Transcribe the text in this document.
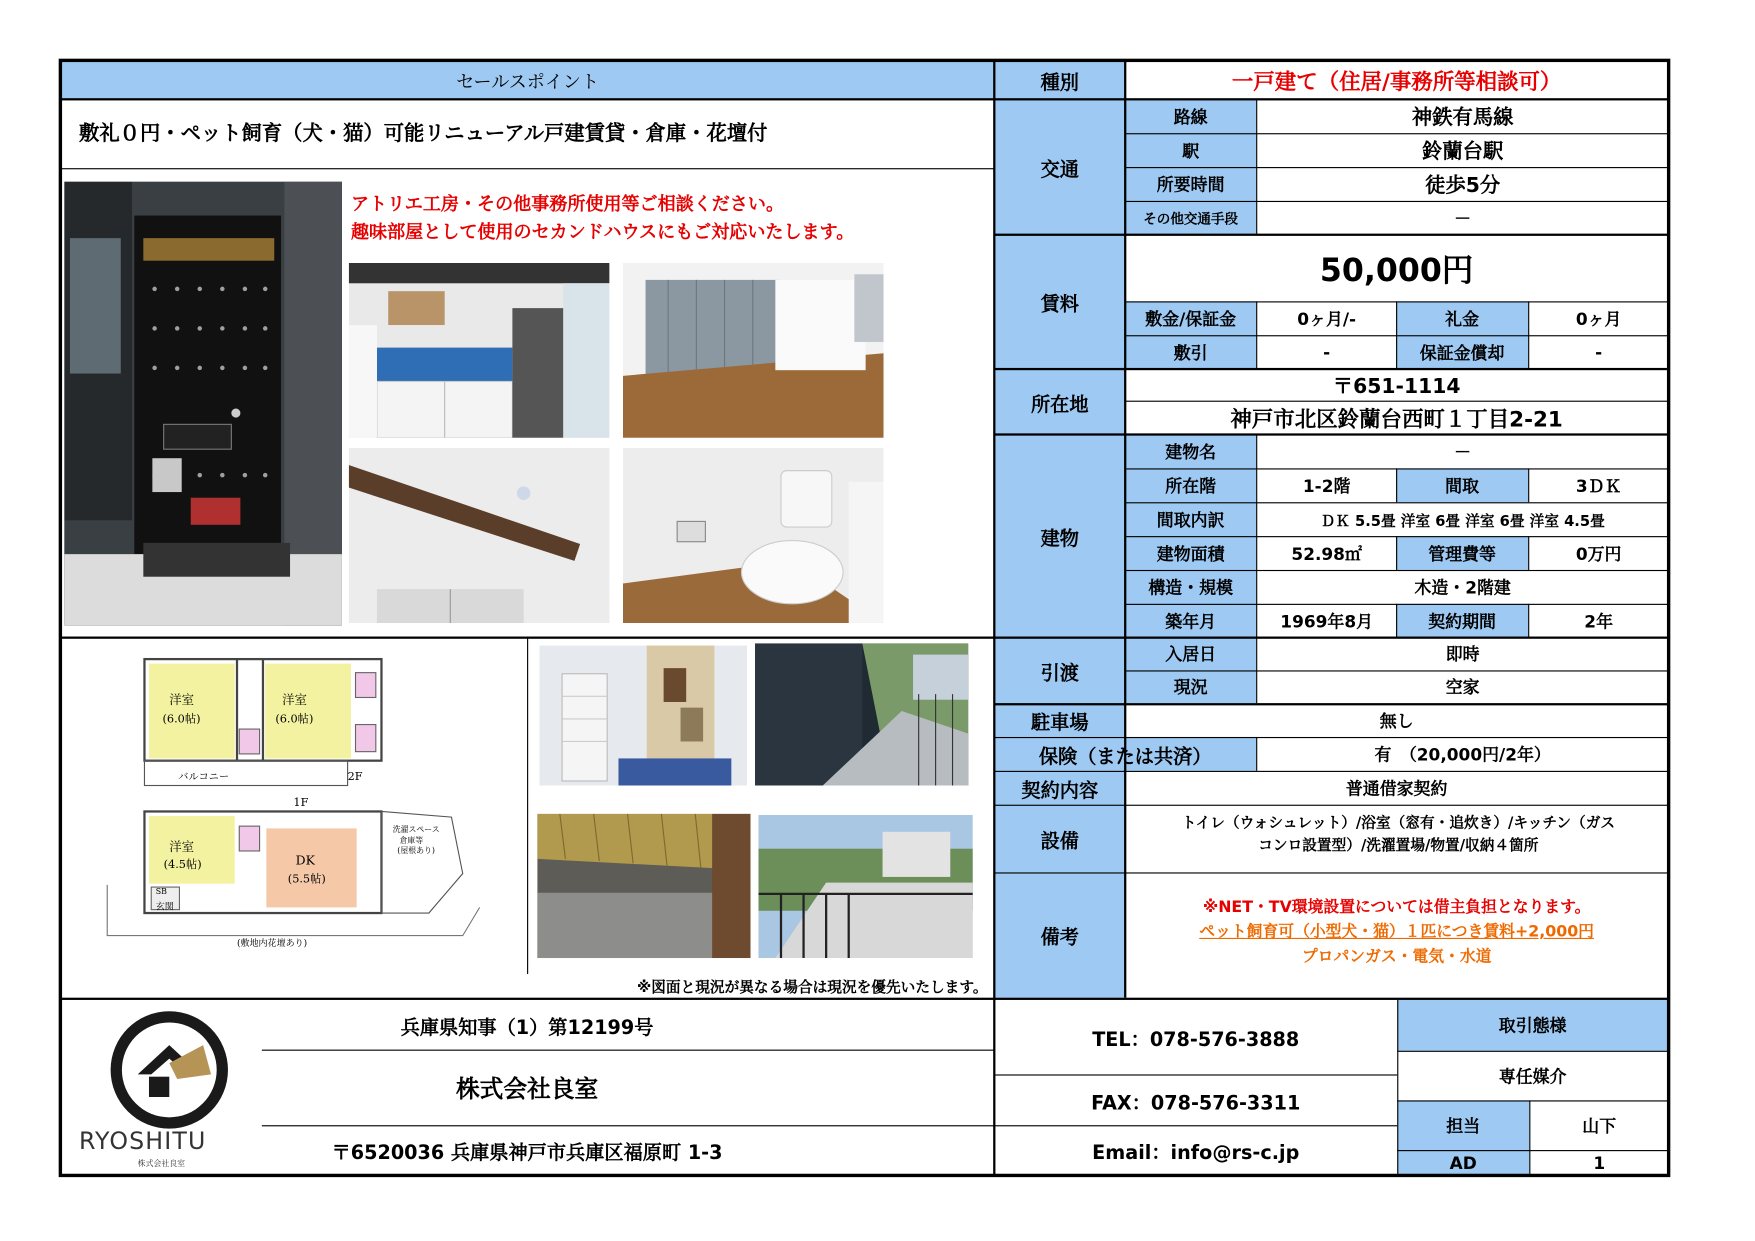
セールスポイント
敷礼０円・ペット飼育（犬・猫）可能リニューアル戸建賃貸・倉庫・花壇付
アトリエ工房・その他事務所使用等ご相談ください。
趣味部屋として使用のセカンドハウスにもご対応いたします。
洋室
(6.0帖)
洋室
(6.0帖)
バルコニー	2F
1F
洋室
(4.5帖)	DK
(5.5帖)
洗濯スペース
倉庫等
(屋根あり)
SB
玄関
(敷地内花壇あり)
※図面と現況が異なる場合は現況を優先いたします。
種別	一戸建て（住居/事務所等相談可）
交通
路線	神鉄有馬線
駅	鈴蘭台駅
所要時間	徒歩5分
その他交通手段	－
賃料
50,000円
敷金/保証金	0ヶ月/-	礼金	0ヶ月
敷引	-	保証金償却	-
所在地
〒651-1114
神戸市北区鈴蘭台西町１丁目2-21
建物
建物名	－
所在階	1-2階	間取	3ＤＫ
間取内訳	ＤＫ 5.5畳 洋室 6畳 洋室 6畳 洋室 4.5畳
建物面積	52.98㎡	管理費等	0万円
構造・規模	木造・2階建
築年月	1969年8月	契約期間	2年
引渡
入居日	即時
現況	空家
駐車場	無し
保険（または共済）	有　（20,000円/2年）
契約内容	普通借家契約
設備
トイレ（ウォシュレット）/浴室（窓有・追炊き）/キッチン（ガス
コンロ設置型）/洗濯置場/物置/収納４箇所
備考
※NET・TV環境設置については借主負担となります。
ペット飼育可（小型犬・猫）１匹につき賃料+2,000円
プロパンガス・電気・水道
RYOSHITU
株式会社良室
兵庫県知事（1）第12199号
株式会社良室
〒6520036 兵庫県神戸市兵庫区福原町 1-3
TEL：078-576-3888
FAX：078-576-3311
Email：info@rs-c.jp
取引態様
専任媒介
担当	山下
AD	1
